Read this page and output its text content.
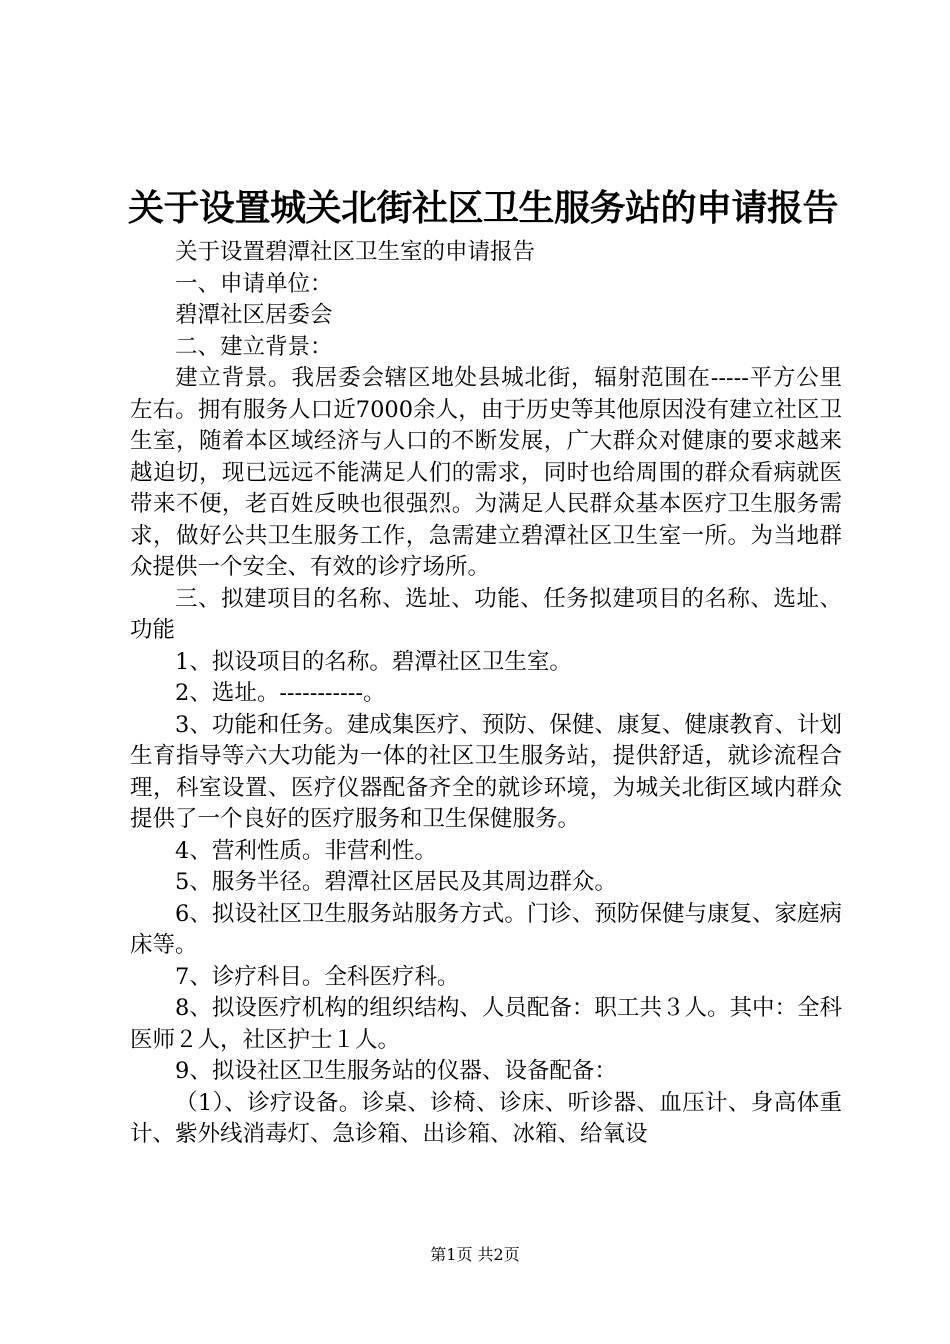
关于设置城关北街社区卫生服务站的申请报告

关于设置碧潭社区卫生室的申请报告

一、申请单位：

碧潭社区居委会

二、建立背景：

建立背景。我居委会辖区地处县城北街，辐射范围在-----平方公里左右。拥有服务人口近7000余人，由于历史等其他原因没有建立社区卫生室，随着本区域经济与人口的不断发展，广大群众对健康的要求越来越迫切，现已远远不能满足人们的需求，同时也给周围的群众看病就医带来不便，老百姓反映也很强烈。为满足人民群众基本医疗卫生服务需求，做好公共卫生服务工作，急需建立碧潭社区卫生室一所。为当地群众提供一个安全、有效的诊疗场所。

三、拟建项目的名称、选址、功能、任务拟建项目的名称、选址、功能

1、拟设项目的名称。碧潭社区卫生室。

2、选址。-----------。

3、功能和任务。建成集医疗、预防、保健、康复、健康教育、计划生育指导等六大功能为一体的社区卫生服务站，提供舒适，就诊流程合理，科室设置、医疗仪器配备齐全的就诊环境，为城关北街区域内群众提供了一个良好的医疗服务和卫生保健服务。

4、营利性质。非营利性。

5、服务半径。碧潭社区居民及其周边群众。

6、拟设社区卫生服务站服务方式。门诊、预防保健与康复、家庭病床等。

7、诊疗科目。全科医疗科。

8、拟设医疗机构的组织结构、人员配备：职工共３人。其中：全科医师２人，社区护士１人。

9、拟设社区卫生服务站的仪器、设备配备：

（1）、诊疗设备。诊桌、诊椅、诊床、听诊器、血压计、身高体重计、紫外线消毒灯、急诊箱、出诊箱、冰箱、给氧设

第1页 共2页
